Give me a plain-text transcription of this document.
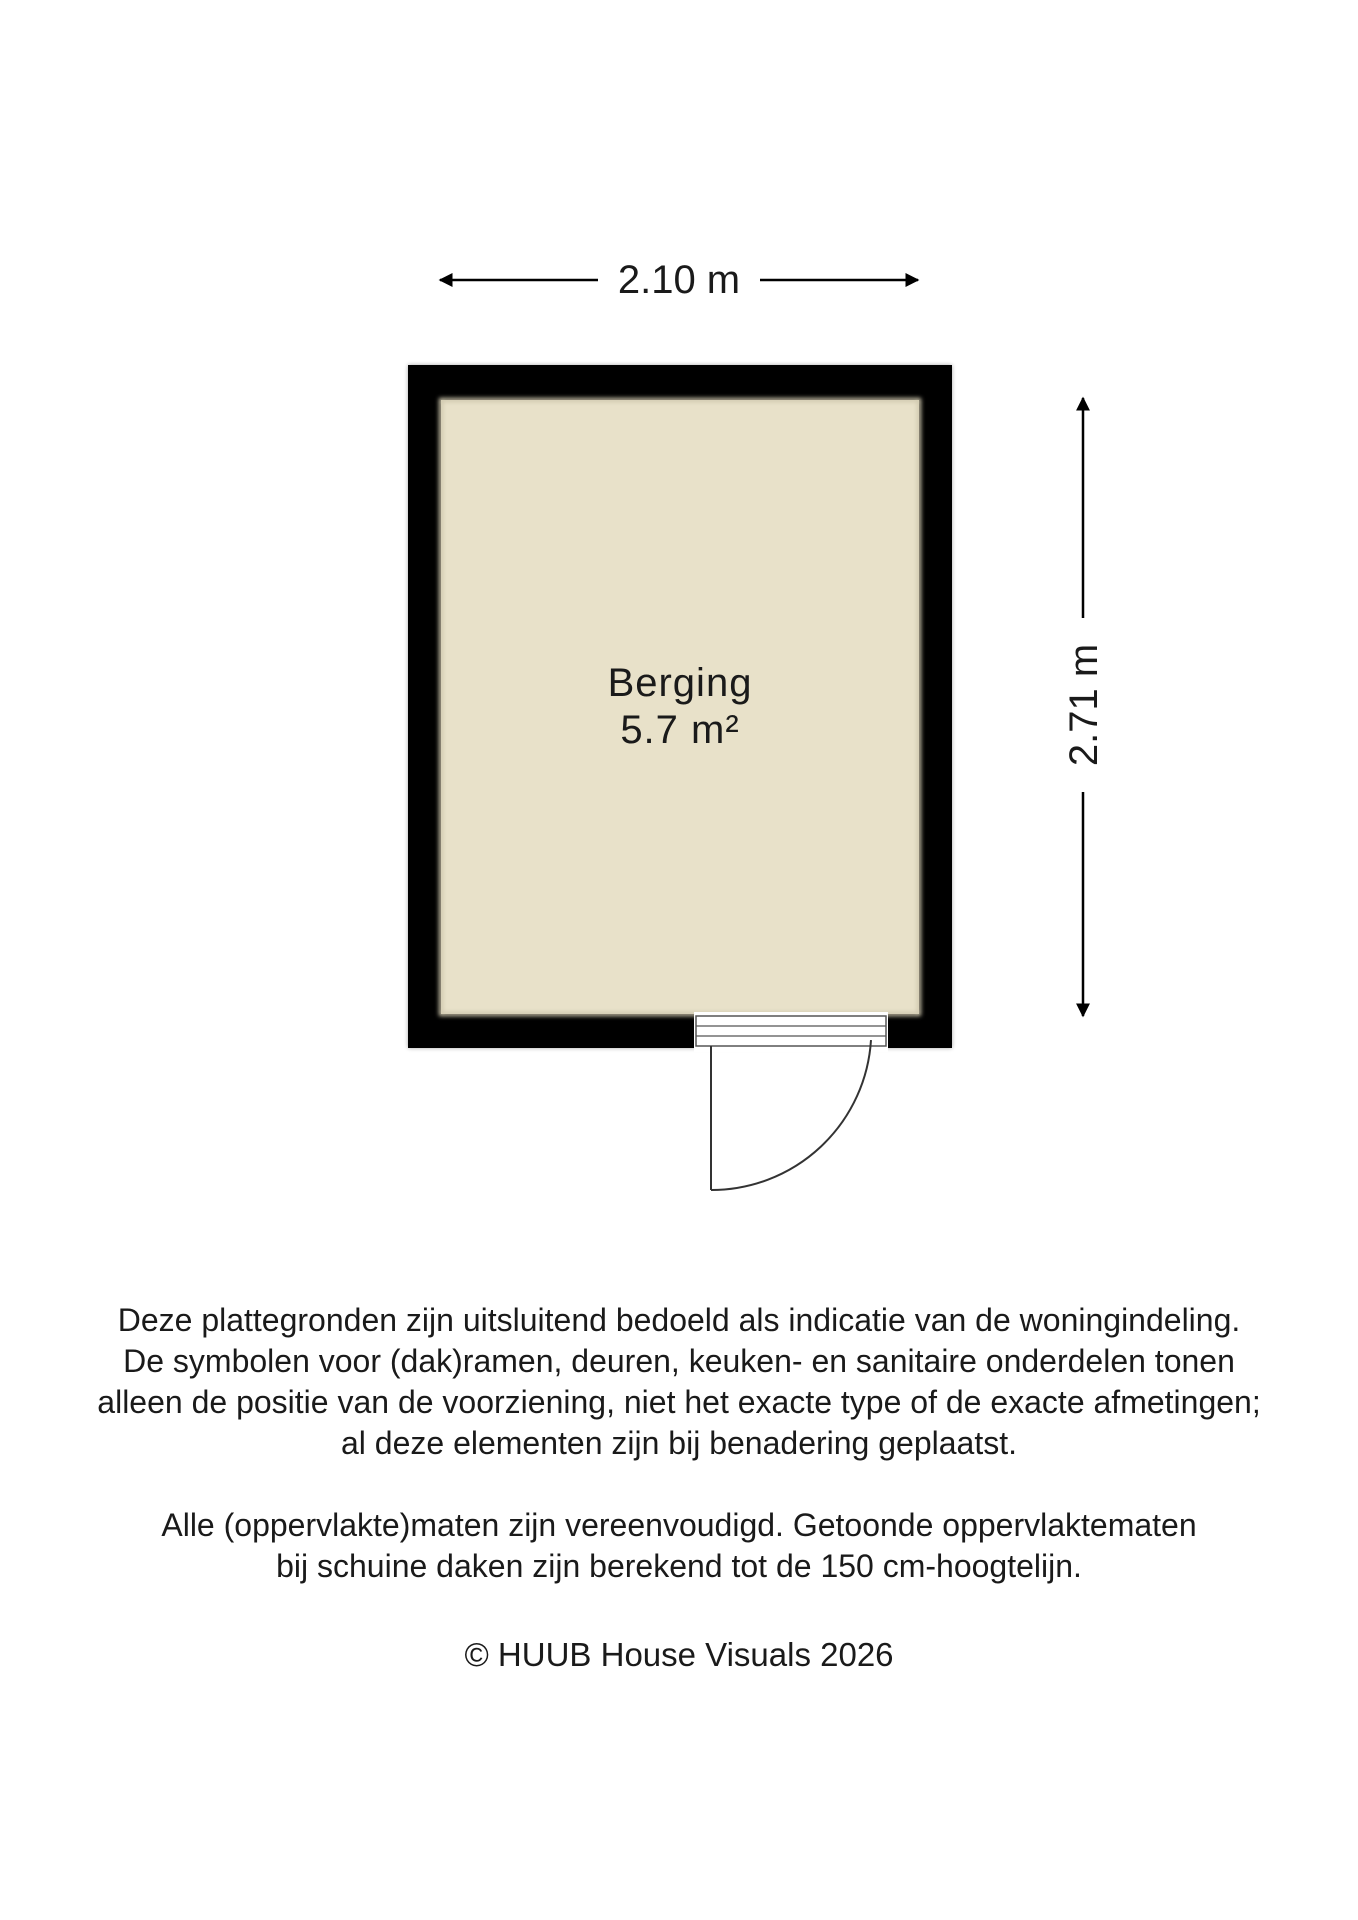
2.10 m
Berging
5.7 m²	2.71 m

Deze plattegronden zijn uitsluitend bedoeld als indicatie van de woningindeling.

De symbolen voor (dak)ramen, deuren, keuken- en sanitaire onderdelen tonen

alleen de positie van de voorziening, niet het exacte type of de exacte afmetingen;

al deze elementen zijn bij benadering geplaatst.

Alle (oppervlakte)maten zijn vereenvoudigd. Getoonde oppervlaktematen

bij schuine daken zijn berekend tot de 150 cm-hoogtelijn.

© HUUB House Visuals 2026
